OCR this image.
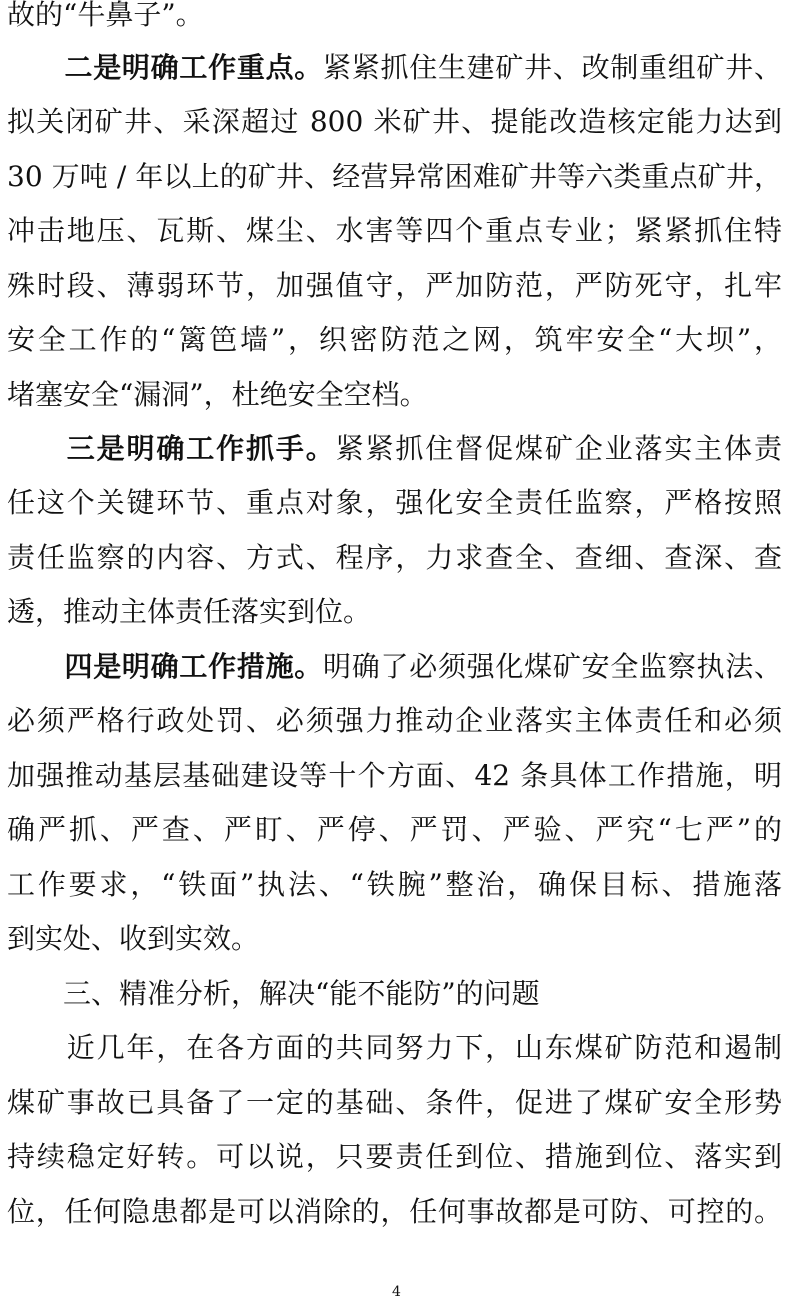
故的“牛鼻子”。
　　二是明确工作重点。紧紧抓住生建矿井、改制重组矿井、
拟关闭矿井、采深超过 800 米矿井、提能改造核定能力达到
30 万吨 / 年以上的矿井、经营异常困难矿井等六类重点矿井，
冲击地压、瓦斯、煤尘、水害等四个重点专业；紧紧抓住特
殊时段、薄弱环节，加强值守，严加防范，严防死守，扎牢
安全工作的“篱笆墙”，织密防范之网，筑牢安全“大坝”，
堵塞安全“漏洞”，杜绝安全空档。
　　三是明确工作抓手。紧紧抓住督促煤矿企业落实主体责
任这个关键环节、重点对象，强化安全责任监察，严格按照
责任监察的内容、方式、程序，力求查全、查细、查深、查
透，推动主体责任落实到位。
　　四是明确工作措施。明确了必须强化煤矿安全监察执法、
必须严格行政处罚、必须强力推动企业落实主体责任和必须
加强推动基层基础建设等十个方面、42 条具体工作措施，明
确严抓、严查、严盯、严停、严罚、严验、严究“七严”的
工作要求，“铁面”执法、“铁腕”整治，确保目标、措施落
到实处、收到实效。
　　三、精准分析，解决“能不能防”的问题
　　近几年，在各方面的共同努力下，山东煤矿防范和遏制
煤矿事故已具备了一定的基础、条件，促进了煤矿安全形势
持续稳定好转。可以说，只要责任到位、措施到位、落实到
位，任何隐患都是可以消除的，任何事故都是可防、可控的。
4
